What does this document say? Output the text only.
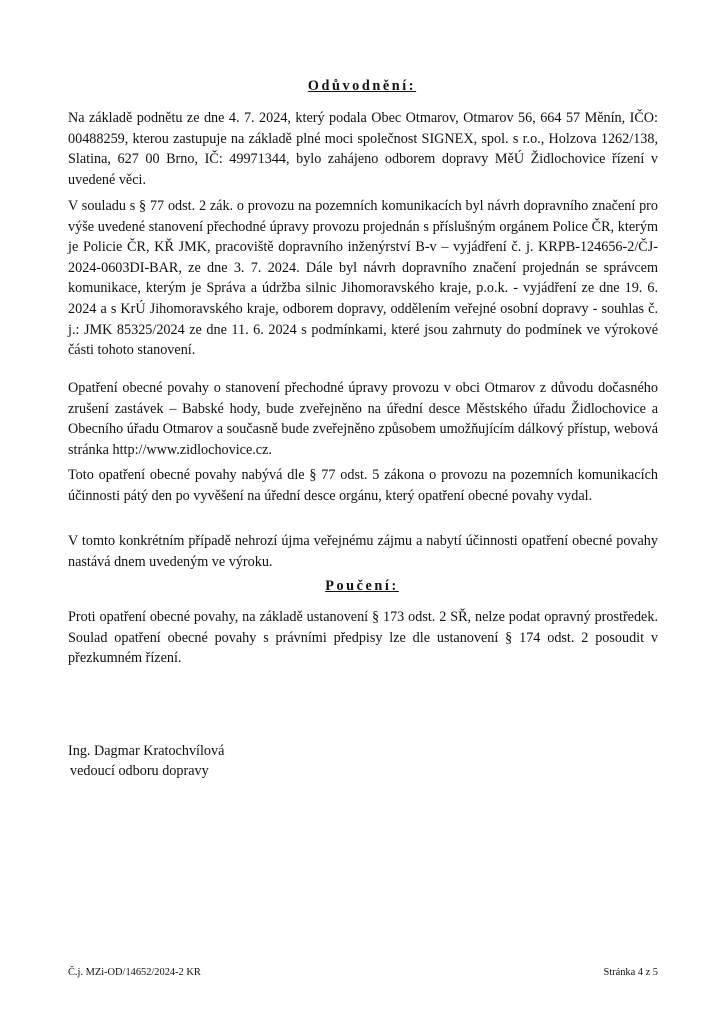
Odůvodnění:

Na základě podnětu ze dne 4. 7. 2024, který podala Obec Otmarov, Otmarov 56, 664 57 Měnín, IČO: 00488259, kterou zastupuje na základě plné moci společnost SIGNEX, spol. s r.o., Holzova 1262/138, Slatina, 627 00 Brno, IČ: 49971344, bylo zahájeno odborem dopravy MěÚ Židlochovice řízení v uvedené věci.

V souladu s § 77 odst. 2 zák. o provozu na pozemních komunikacích byl návrh dopravního značení pro výše uvedené stanovení přechodné úpravy provozu projednán s příslušným orgánem Police ČR, kterým je Policie ČR, KŘ JMK, pracoviště dopravního inženýrství B-v – vyjádření č. j. KRPB-124656-2/ČJ-2024-0603DI-BAR, ze dne 3. 7. 2024. Dále byl návrh dopravního značení projednán se správcem komunikace, kterým je Správa a údržba silnic Jihomoravského kraje, p.o.k. - vyjádření ze dne 19. 6. 2024 a s KrÚ Jihomoravského kraje, odborem dopravy, oddělením veřejné osobní dopravy - souhlas č. j.: JMK 85325/2024 ze dne 11. 6. 2024 s podmínkami, které jsou zahrnuty do podmínek ve výrokové části tohoto stanovení.

Opatření obecné povahy o stanovení přechodné úpravy provozu v obci Otmarov z důvodu dočasného zrušení zastávek – Babské hody, bude zveřejněno na úřední desce Městského úřadu Židlochovice a Obecního úřadu Otmarov a současně bude zveřejněno způsobem umožňujícím dálkový přístup, webová stránka http://www.zidlochovice.cz.

Toto opatření obecné povahy nabývá dle § 77 odst. 5 zákona o provozu na pozemních komunikacích účinnosti pátý den po vyvěšení na úřední desce orgánu, který opatření obecné povahy vydal.

V tomto konkrétním případě nehrozí újma veřejnému zájmu a nabytí účinnosti opatření obecné povahy nastává dnem uvedeným ve výroku.

Poučení:

Proti opatření obecné povahy, na základě ustanovení § 173 odst. 2 SŘ, nelze podat opravný prostředek. Soulad opatření obecné povahy s právními předpisy lze dle ustanovení § 174 odst. 2 posoudit v přezkumném řízení.

Ing. Dagmar Kratochvílová
vedoucí odboru dopravy
Č.j. MZi-OD/14652/2024-2 KR	Stránka 4 z 5
